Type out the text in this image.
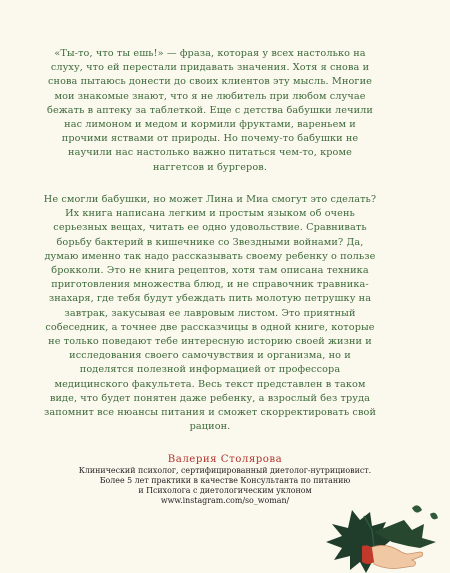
«Ты-то, что ты ешь!» — фраза, которая у всех настолько на слуху, что ей перестали придавать значения. Хотя я снова и снова пытаюсь донести до своих клиентов эту мысль. Многие мои знакомые знают, что я не любитель при любом случае бежать в аптеку за таблеткой. Еще с детства бабушки лечили нас лимоном и медом и кормили фруктами, вареньем и прочими яствами от природы. Но почему-то бабушки не научили нас настолько важно питаться чем-то, кроме наггетсов и бургеров.
Не смогли бабушки, но может Лина и Миа смогут это сделать? Их книга написана легким и простым языком об очень серьезных вещах, читать ее одно удовольствие. Сравнивать борьбу бактерий в кишечнике со Звездными войнами? Да, думаю именно так надо рассказывать своему ребенку о пользе брокколи. Это не книга рецептов, хотя там описана техника приготовления множества блюд, и не справочник травника-знахаря, где тебя будут убеждать пить молотую петрушку на завтрак, закусывая ее лавровым листом. Это приятный собеседник, а точнее две рассказчицы в одной книге, которые не только поведают тебе интересную историю своей жизни и исследования своего самочувствия и организма, но и поделятся полезной информацией от профессора медицинского факультета. Весь текст представлен в таком виде, что будет понятен даже ребенку, а взрослый без труда запомнит все нюансы питания и сможет скорректировать свой рацион.
Валерия Столярова
Клинический психолог, сертифицированный диетолог-нутрициовист.
Более 5 лет практики в качестве Консультанта по питанию
и Психолога с диетологическим уклоном
www.instagram.com/so_woman/
